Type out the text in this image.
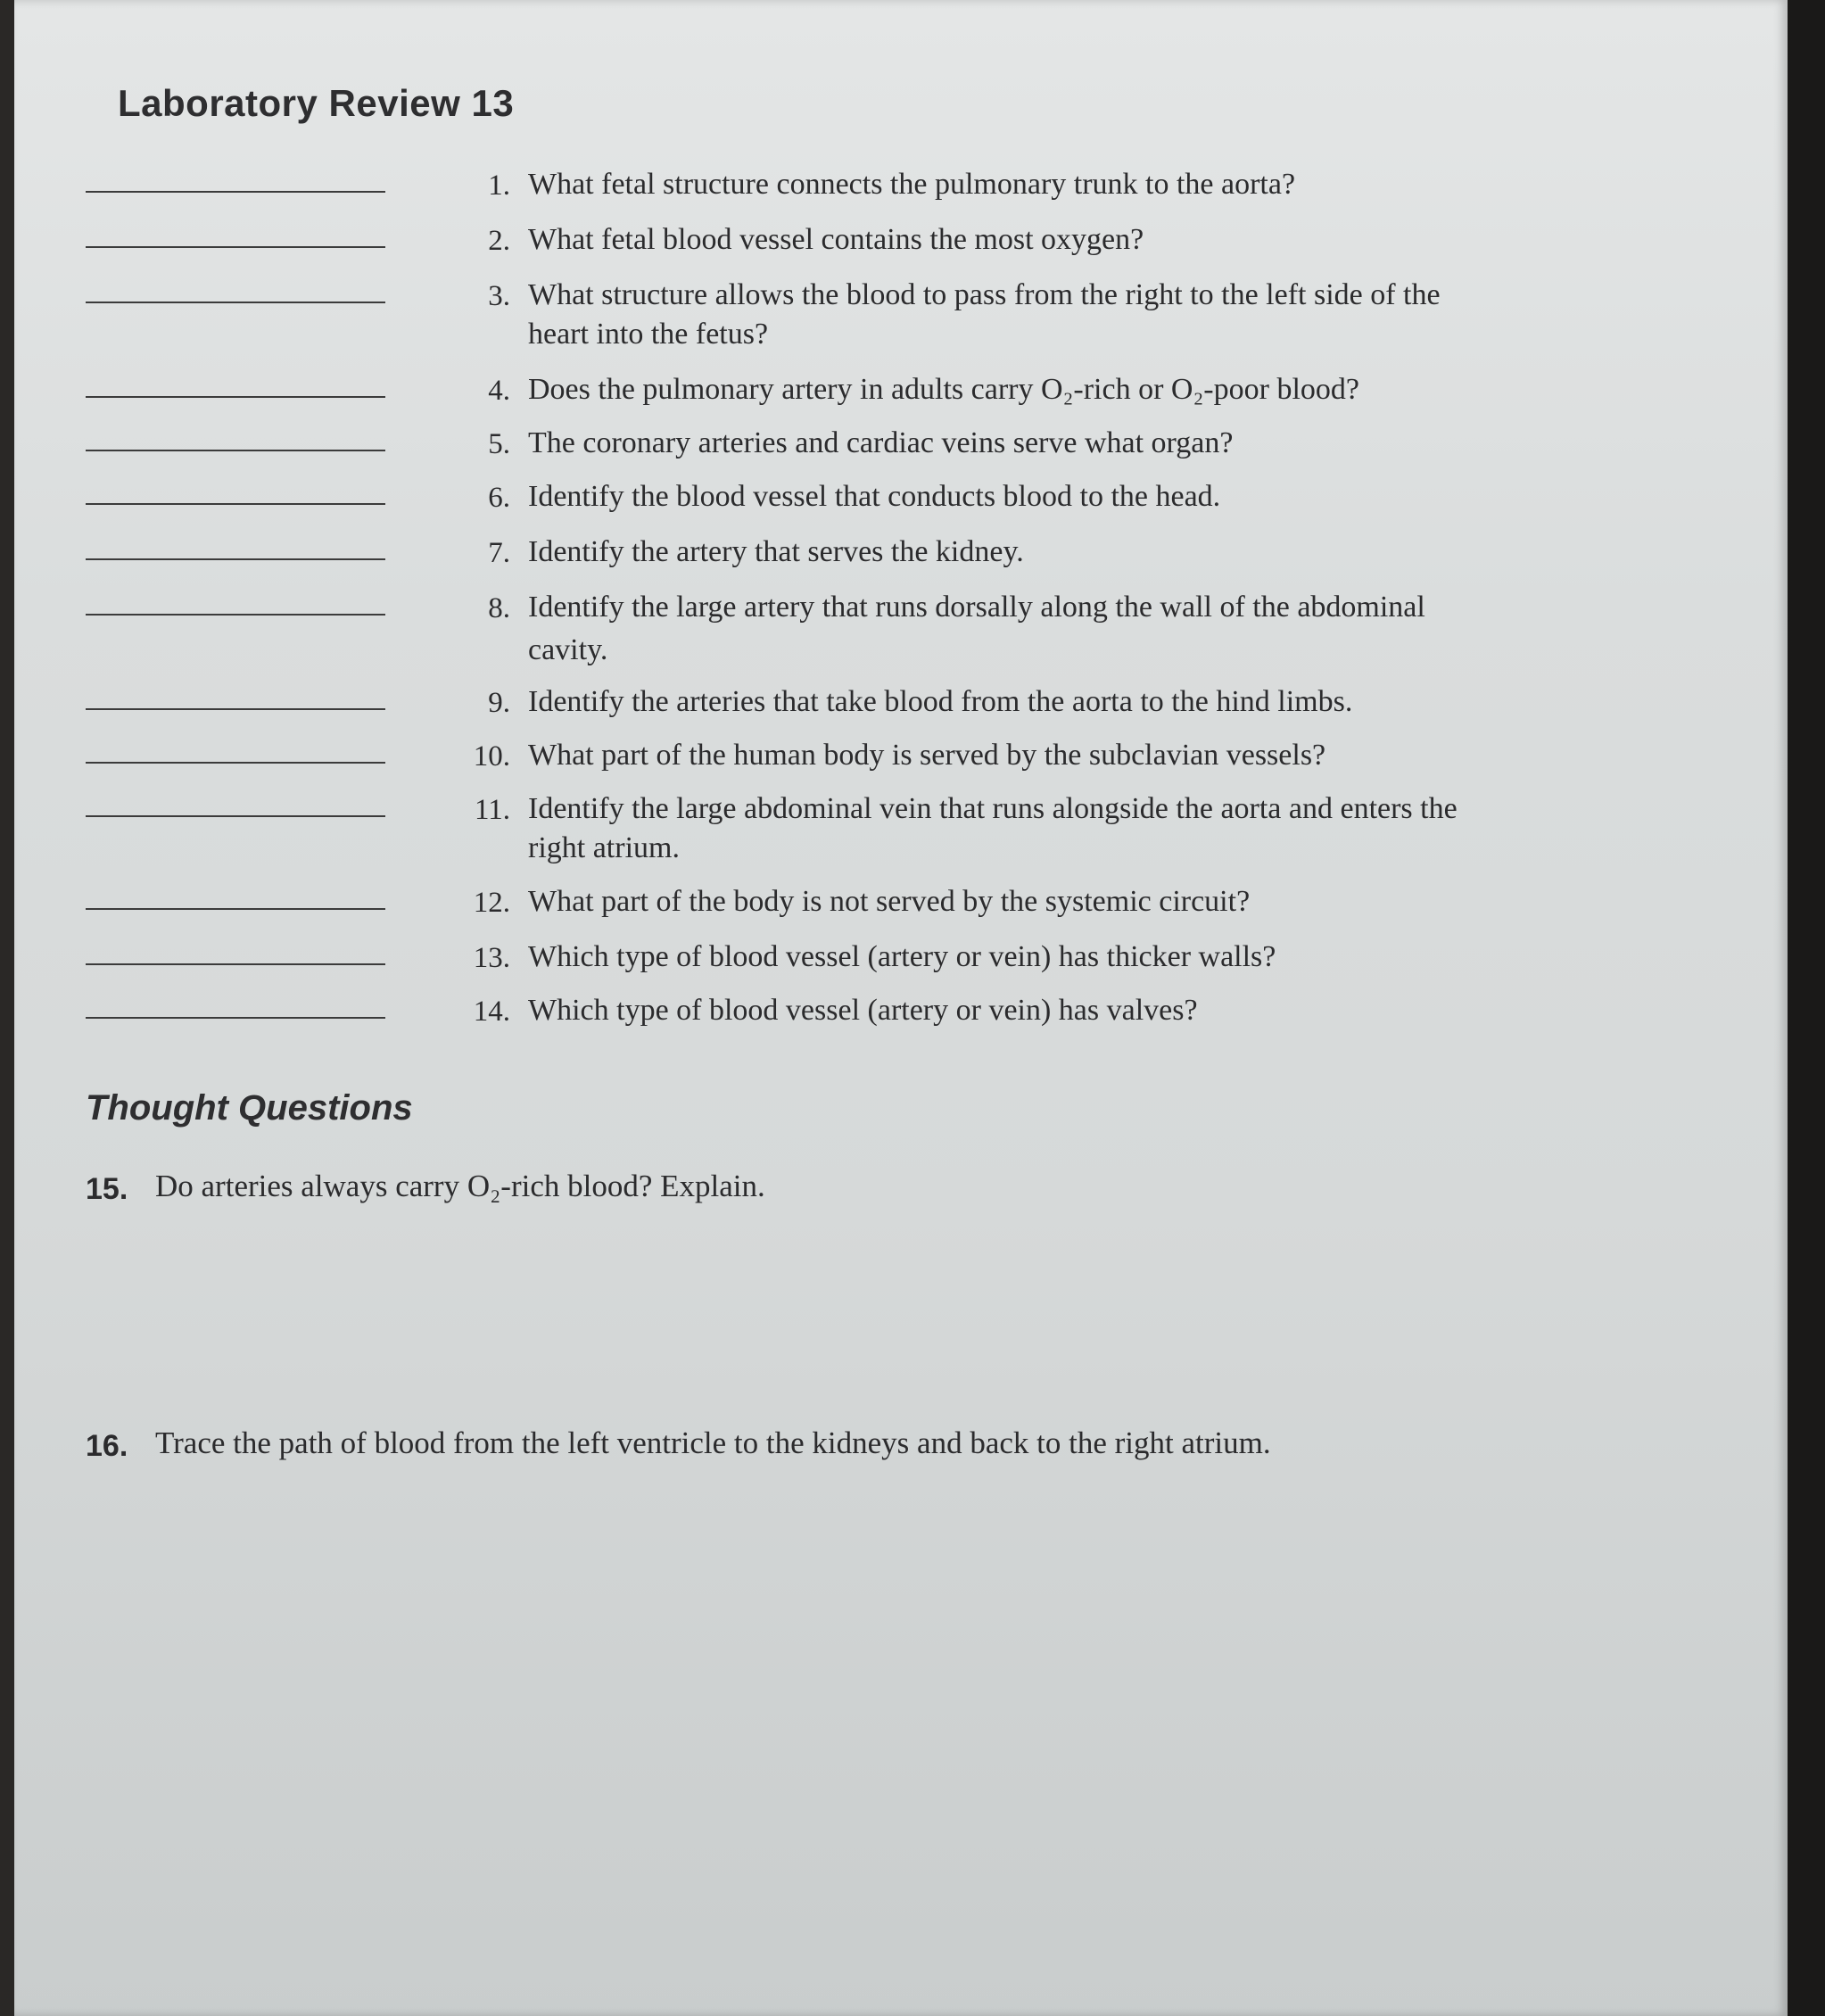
Laboratory Review 13
1. What fetal structure connects the pulmonary trunk to the aorta?
2. What fetal blood vessel contains the most oxygen?
3. What structure allows the blood to pass from the right to the left side of the
heart into the fetus?
4. Does the pulmonary artery in adults carry O₂-rich or O₂-poor blood?
5. The coronary arteries and cardiac veins serve what organ?
6. Identify the blood vessel that conducts blood to the head.
7. Identify the artery that serves the kidney.
8. Identify the large artery that runs dorsally along the wall of the abdominal
cavity.
9. Identify the arteries that take blood from the aorta to the hind limbs.
10. What part of the human body is served by the subclavian vessels?
11. Identify the large abdominal vein that runs alongside the aorta and enters the
right atrium.
12. What part of the body is not served by the systemic circuit?
13. Which type of blood vessel (artery or vein) has thicker walls?
14. Which type of blood vessel (artery or vein) has valves?
Thought Questions
15. Do arteries always carry O₂-rich blood? Explain.
16. Trace the path of blood from the left ventricle to the kidneys and back to the right atrium.
